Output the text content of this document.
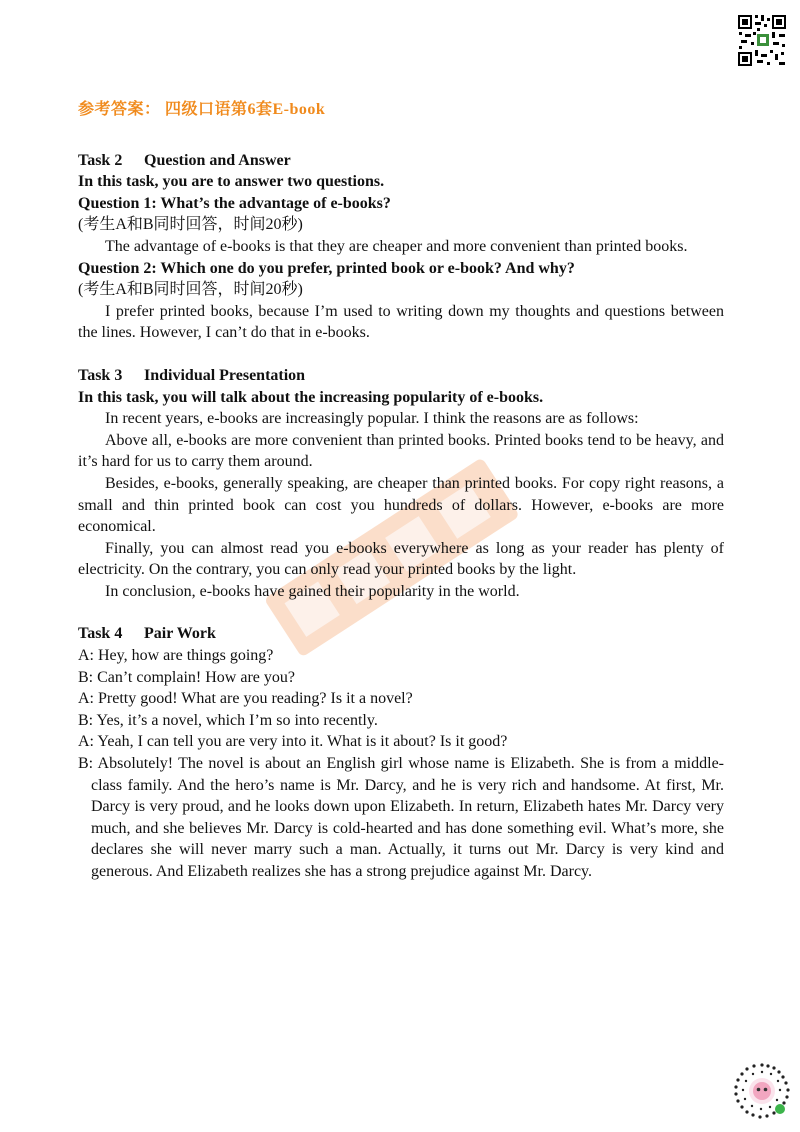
参考答案： 四级口语第6套E-book

Task 2 Question and Answer

In this task, you are to answer two questions.

Question 1: What’s the advantage of e-books?

(考生A和B同时回答，时间20秒)

The advantage of e-books is that they are cheaper and more convenient than printed books.

Question 2: Which one do you prefer, printed book or e-book? And why?

(考生A和B同时回答，时间20秒)

I prefer printed books, because I’m used to writing down my thoughts and questions between the lines. However, I can’t do that in e-books.

Task 3 Individual Presentation

In this task, you will talk about the increasing popularity of e-books.

In recent years, e-books are increasingly popular. I think the reasons are as follows:

Above all, e-books are more convenient than printed books. Printed books tend to be heavy, and it’s hard for us to carry them around.

Besides, e-books, generally speaking, are cheaper than printed books. For copy right reasons, a small and thin printed book can cost you hundreds of dollars. However, e-books are more economical.

Finally, you can almost read you e-books everywhere as long as your reader has plenty of electricity. On the contrary, you can only read your printed books by the light.

In conclusion, e-books have gained their popularity in the world.

Task 4 Pair Work

A: Hey, how are things going?

B: Can’t complain! How are you?

A: Pretty good! What are you reading? Is it a novel?

B: Yes, it’s a novel, which I’m so into recently.

A: Yeah, I can tell you are very into it. What is it about? Is it good?

B: Absolutely! The novel is about an English girl whose name is Elizabeth. She is from a middle-class family. And the hero’s name is Mr. Darcy, and he is very rich and handsome. At first, Mr. Darcy is very proud, and he looks down upon Elizabeth. In return, Elizabeth hates Mr. Darcy very much, and she believes Mr. Darcy is cold-hearted and has done something evil. What’s more, she declares she will never marry such a man. Actually, it turns out Mr. Darcy is very kind and generous. And Elizabeth realizes she has a strong prejudice against Mr. Darcy.
